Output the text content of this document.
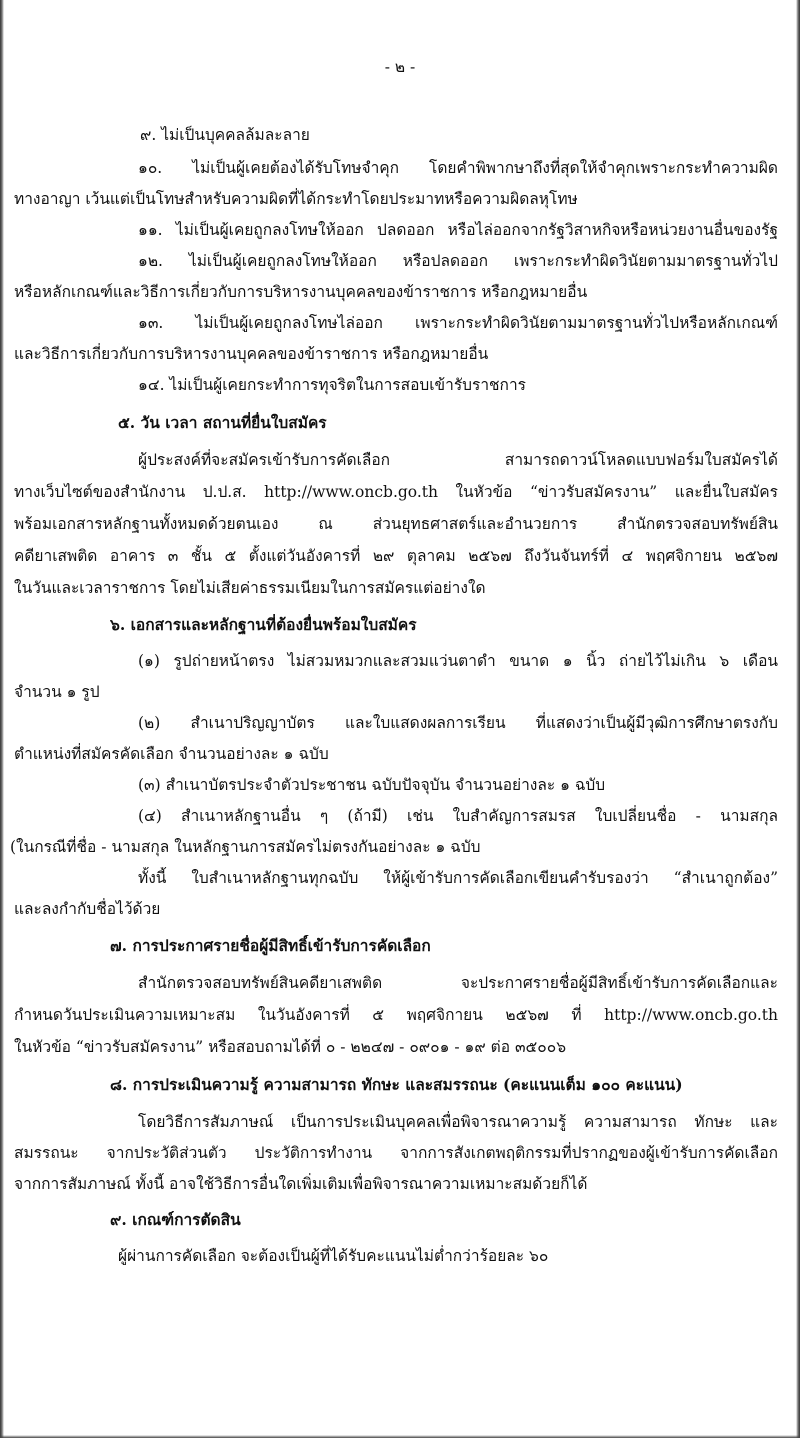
- ๒ -
๙. ไม่เป็นบุคคลล้มละลาย
๑๐. ไม่เป็นผู้เคยต้องได้รับโทษจำคุก โดยคำพิพากษาถึงที่สุดให้จำคุกเพราะกระทำความผิด
ทางอาญา เว้นแต่เป็นโทษสำหรับความผิดที่ได้กระทำโดยประมาทหรือความผิดลหุโทษ
๑๑. ไม่เป็นผู้เคยถูกลงโทษให้ออก ปลดออก หรือไล่ออกจากรัฐวิสาหกิจหรือหน่วยงานอื่นของรัฐ
๑๒. ไม่เป็นผู้เคยถูกลงโทษให้ออก หรือปลดออก เพราะกระทำผิดวินัยตามมาตรฐานทั่วไป
หรือหลักเกณฑ์และวิธีการเกี่ยวกับการบริหารงานบุคคลของข้าราชการ หรือกฎหมายอื่น
๑๓. ไม่เป็นผู้เคยถูกลงโทษไล่ออก เพราะกระทำผิดวินัยตามมาตรฐานทั่วไปหรือหลักเกณฑ์
และวิธีการเกี่ยวกับการบริหารงานบุคคลของข้าราชการ หรือกฎหมายอื่น
๑๔. ไม่เป็นผู้เคยกระทำการทุจริตในการสอบเข้ารับราชการ
๕. วัน เวลา สถานที่ยื่นใบสมัคร
ผู้ประสงค์ที่จะสมัครเข้ารับการคัดเลือก สามารถดาวน์โหลดแบบฟอร์มใบสมัครได้
ทางเว็บไซต์ของสำนักงาน ป.ป.ส. http://www.oncb.go.th ในหัวข้อ “ข่าวรับสมัครงาน” และยื่นใบสมัคร
พร้อมเอกสารหลักฐานทั้งหมดด้วยตนเอง ณ ส่วนยุทธศาสตร์และอำนวยการ สำนักตรวจสอบทรัพย์สิน
คดียาเสพติด อาคาร ๓ ชั้น ๕ ตั้งแต่วันอังคารที่ ๒๙ ตุลาคม ๒๕๖๗ ถึงวันจันทร์ที่ ๔ พฤศจิกายน ๒๕๖๗
ในวันและเวลาราชการ โดยไม่เสียค่าธรรมเนียมในการสมัครแต่อย่างใด
๖. เอกสารและหลักฐานที่ต้องยื่นพร้อมใบสมัคร
(๑) รูปถ่ายหน้าตรง ไม่สวมหมวกและสวมแว่นตาดำ ขนาด ๑ นิ้ว ถ่ายไว้ไม่เกิน ๖ เดือน
จำนวน ๑ รูป
(๒) สำเนาปริญญาบัตร และใบแสดงผลการเรียน ที่แสดงว่าเป็นผู้มีวุฒิการศึกษาตรงกับ
ตำแหน่งที่สมัครคัดเลือก จำนวนอย่างละ ๑ ฉบับ
(๓) สำเนาบัตรประจำตัวประชาชน ฉบับปัจจุบัน จำนวนอย่างละ ๑ ฉบับ
(๔) สำเนาหลักฐานอื่น ๆ (ถ้ามี) เช่น ใบสำคัญการสมรส ใบเปลี่ยนชื่อ - นามสกุล
(ในกรณีที่ชื่อ - นามสกุล ในหลักฐานการสมัครไม่ตรงกันอย่างละ ๑ ฉบับ
ทั้งนี้ ใบสำเนาหลักฐานทุกฉบับ ให้ผู้เข้ารับการคัดเลือกเขียนคำรับรองว่า “สำเนาถูกต้อง”
และลงกำกับชื่อไว้ด้วย
๗. การประกาศรายชื่อผู้มีสิทธิ์เข้ารับการคัดเลือก
สำนักตรวจสอบทรัพย์สินคดียาเสพติด จะประกาศรายชื่อผู้มีสิทธิ์เข้ารับการคัดเลือกและ
กำหนดวันประเมินความเหมาะสม ในวันอังคารที่ ๕ พฤศจิกายน ๒๕๖๗ ที่ http://www.oncb.go.th
ในหัวข้อ “ข่าวรับสมัครงาน” หรือสอบถามได้ที่ ๐ - ๒๒๔๗ - ๐๙๐๑ - ๑๙ ต่อ ๓๕๐๐๖
๘. การประเมินความรู้ ความสามารถ ทักษะ และสมรรถนะ (คะแนนเต็ม ๑๐๐ คะแนน)
โดยวิธีการสัมภาษณ์ เป็นการประเมินบุคคลเพื่อพิจารณาความรู้ ความสามารถ ทักษะ และ
สมรรถนะ จากประวัติส่วนตัว ประวัติการทำงาน จากการสังเกตพฤติกรรมที่ปรากฏของผู้เข้ารับการคัดเลือก
จากการสัมภาษณ์ ทั้งนี้ อาจใช้วิธีการอื่นใดเพิ่มเติมเพื่อพิจารณาความเหมาะสมด้วยก็ได้
๙. เกณฑ์การตัดสิน
ผู้ผ่านการคัดเลือก จะต้องเป็นผู้ที่ได้รับคะแนนไม่ต่ำกว่าร้อยละ ๖๐
